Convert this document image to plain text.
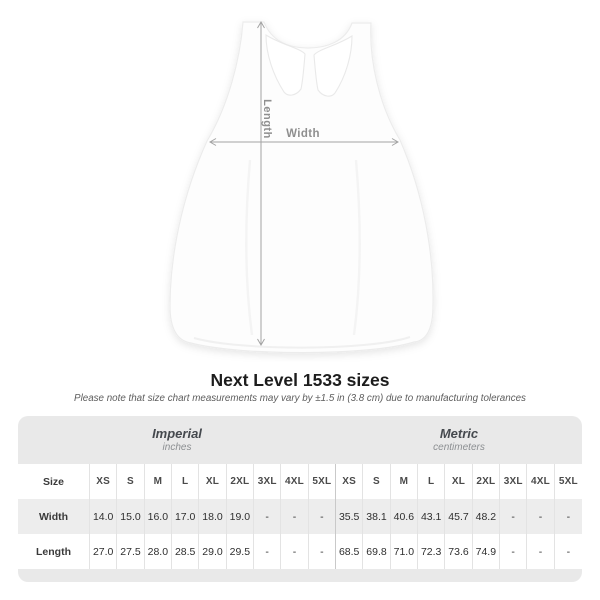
Length Width
Next Level 1533 sizes

Please note that size chart measurements may vary by ±1.5 in (3.8 cm) due to manufacturing tolerances

Imperial
inches
Metric
centimeters
Size	XS	S	M	L	XL	2XL 3XL 4XL 5XL	XS	S	M	L	XL	2XL 3XL 4XL 5XL
Width	14.0 15.0 16.0 17.0 18.0 19.0	-	-	-	35.5 38.1 40.6 43.1 45.7 48.2	-	-	-
Length	27.0 27.5 28.0 28.5 29.0 29.5	-	-	-	68.5 69.8 71.0 72.3 73.6 74.9	-	-	-
